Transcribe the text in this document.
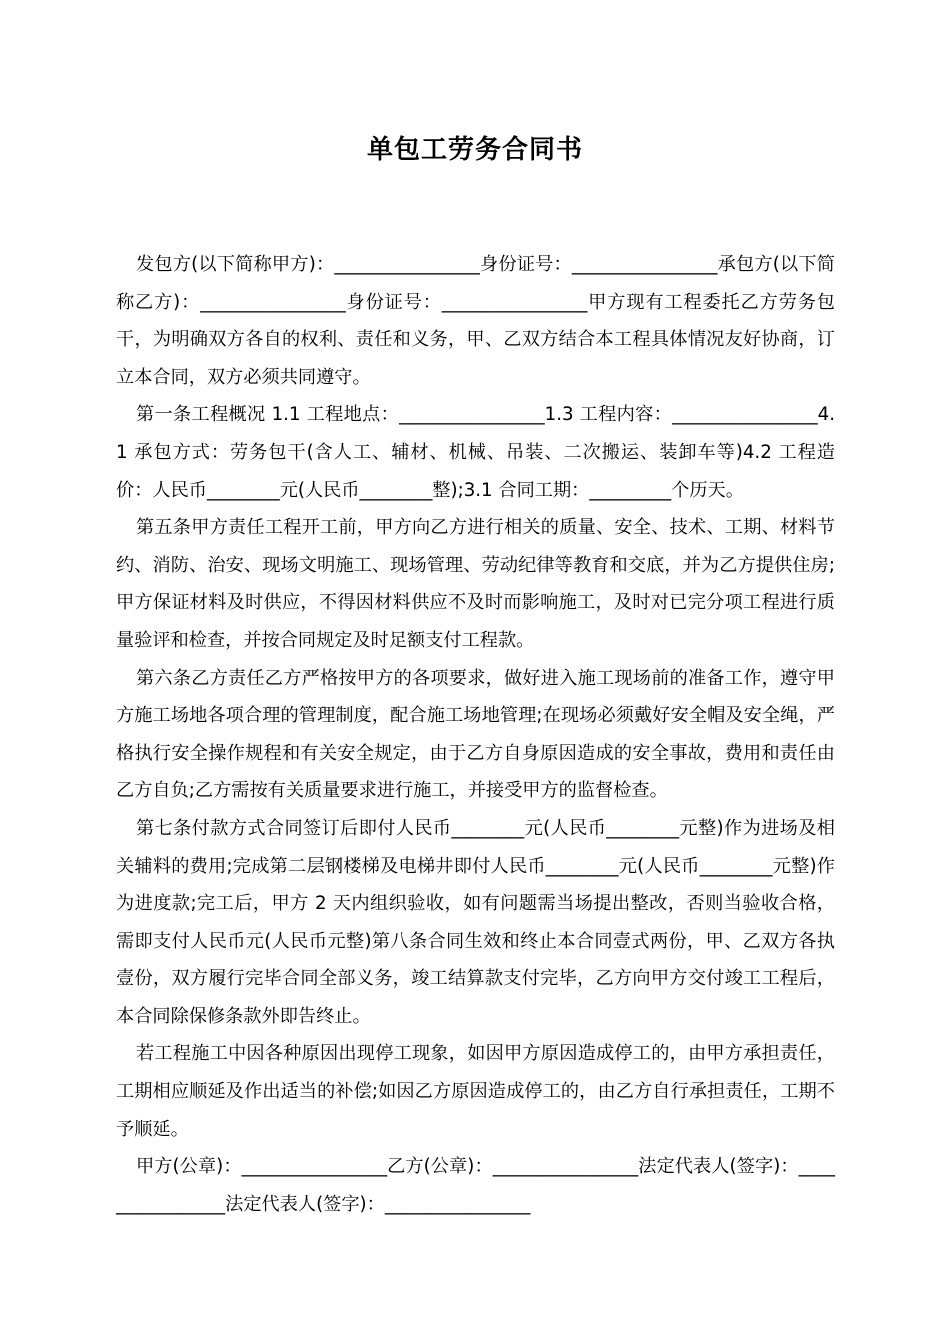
单包工劳务合同书

发包方(以下简称甲方)：________________身份证号：________________承包方(以下简称乙方)：________________身份证号：________________甲方现有工程委托乙方劳务包干，为明确双方各自的权利、责任和义务，甲、乙双方结合本工程具体情况友好协商，订立本合同，双方必须共同遵守。

第一条工程概况 1.1 工程地点：________________1.3 工程内容：________________4.1 承包方式：劳务包干(含人工、辅材、机械、吊装、二次搬运、装卸车等)4.2 工程造价：人民币________元(人民币________整);3.1 合同工期：_________个历天。

第五条甲方责任工程开工前，甲方向乙方进行相关的质量、安全、技术、工期、材料节约、消防、治安、现场文明施工、现场管理、劳动纪律等教育和交底，并为乙方提供住房;甲方保证材料及时供应，不得因材料供应不及时而影响施工，及时对已完分项工程进行质量验评和检查，并按合同规定及时足额支付工程款。

第六条乙方责任乙方严格按甲方的各项要求，做好进入施工现场前的准备工作，遵守甲方施工场地各项合理的管理制度，配合施工场地管理;在现场必须戴好安全帽及安全绳，严格执行安全操作规程和有关安全规定，由于乙方自身原因造成的安全事故，费用和责任由乙方自负;乙方需按有关质量要求进行施工，并接受甲方的监督检查。

第七条付款方式合同签订后即付人民币________元(人民币________元整)作为进场及相关辅料的费用;完成第二层钢楼梯及电梯井即付人民币________元(人民币________元整)作为进度款;完工后，甲方 2 天内组织验收，如有问题需当场提出整改，否则当验收合格，需即支付人民币元(人民币元整)第八条合同生效和终止本合同壹式两份，甲、乙双方各执壹份，双方履行完毕合同全部义务，竣工结算款支付完毕，乙方向甲方交付竣工工程后，本合同除保修条款外即告终止。

若工程施工中因各种原因出现停工现象，如因甲方原因造成停工的，由甲方承担责任，工期相应顺延及作出适当的补偿;如因乙方原因造成停工的，由乙方自行承担责任，工期不予顺延。

甲方(公章)：________________乙方(公章)：________________法定代表人(签字)：________________法定代表人(签字)：________________
